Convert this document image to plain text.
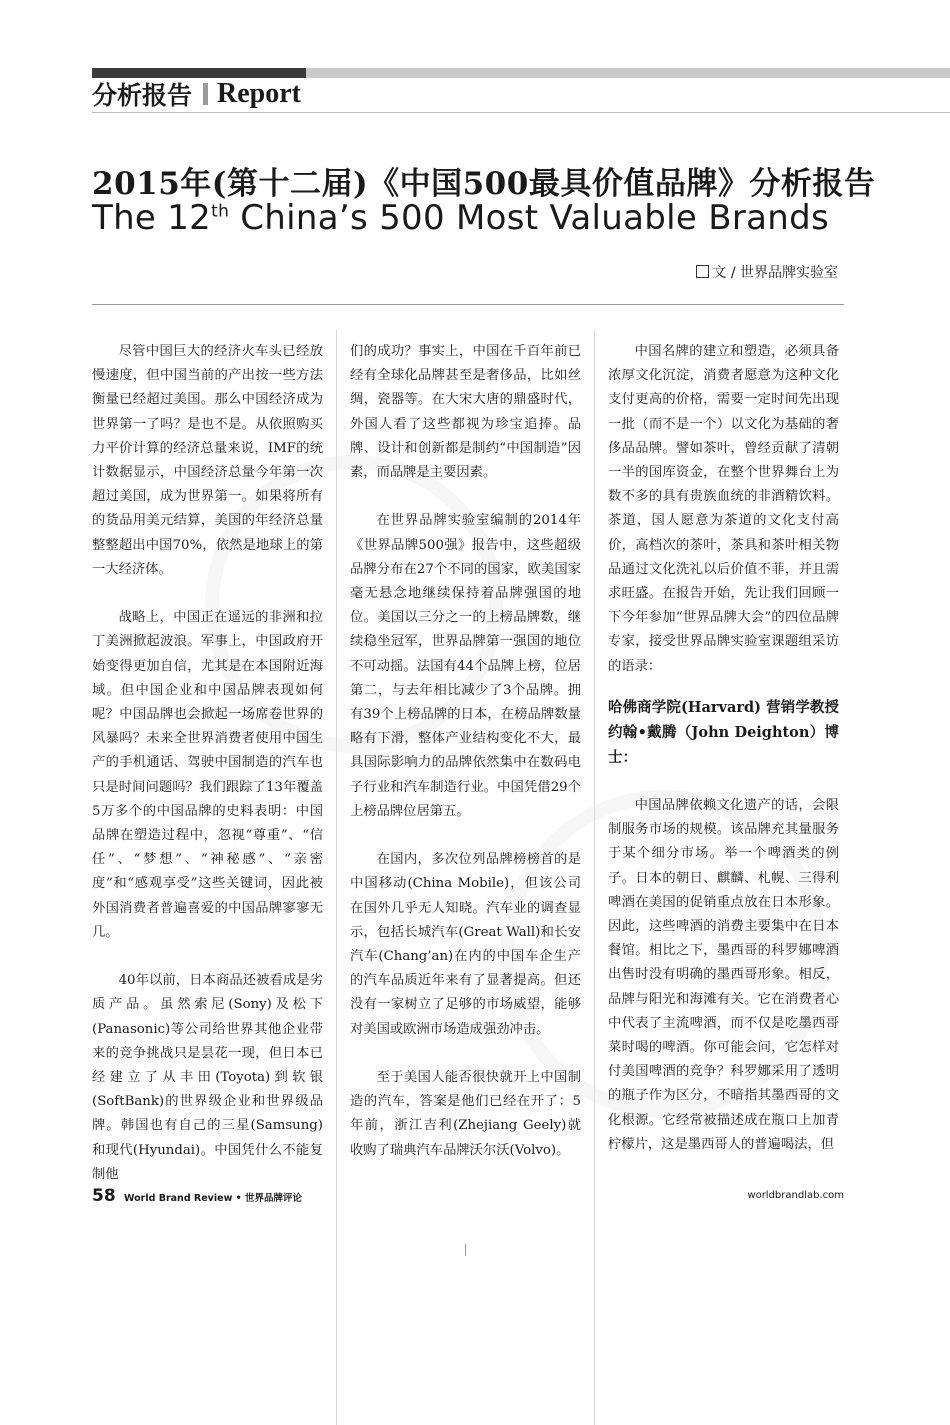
分析报告 Report
2015年(第十二届)《中国500最具价值品牌》分析报告
The 12th China’s 500 Most Valuable Brands
文 / 世界品牌实验室

尽管中国巨大的经济火车头已经放慢速度，但中国当前的产出按一些方法衡量已经超过美国。那么中国经济成为世界第一了吗？是也不是。从依照购买力平价计算的经济总量来说，IMF的统计数据显示，中国经济总量今年第一次超过美国，成为世界第一。如果将所有的货品用美元结算，美国的年经济总量整整超出中国70%，依然是地球上的第一大经济体。

战略上，中国正在遥远的非洲和拉丁美洲掀起波浪。军事上，中国政府开始变得更加自信，尤其是在本国附近海域。但中国企业和中国品牌表现如何呢？中国品牌也会掀起一场席卷世界的风暴吗？未来全世界消费者使用中国生产的手机通话、驾驶中国制造的汽车也只是时间问题吗？我们跟踪了13年覆盖5万多个的中国品牌的史料表明：中国品牌在塑造过程中，忽视“尊重”、“信任”、“梦想”、“神秘感”、“亲密度”和“感观享受”这些关键词，因此被外国消费者普遍喜爱的中国品牌寥寥无几。

40年以前，日本商品还被看成是劣质产品。虽然索尼(Sony)及松下(Panasonic)等公司给世界其他企业带来的竞争挑战只是昙花一现，但日本已经建立了从丰田(Toyota)到软银(SoftBank)的世界级企业和世界级品牌。韩国也有自己的三星(Samsung)和现代(Hyundai)。中国凭什么不能复制他

们的成功？事实上，中国在千百年前已经有全球化品牌甚至是奢侈品，比如丝绸，瓷器等。在大宋大唐的鼎盛时代，外国人看了这些都视为珍宝追捧。品牌、设计和创新都是制约“中国制造”因素，而品牌是主要因素。

在世界品牌实验室编制的2014年《世界品牌500强》报告中，这些超级品牌分布在27个不同的国家，欧美国家毫无悬念地继续保持着品牌强国的地位。美国以三分之一的上榜品牌数，继续稳坐冠军，世界品牌第一强国的地位不可动摇。法国有44个品牌上榜，位居第二，与去年相比减少了3个品牌。拥有39个上榜品牌的日本，在榜品牌数量略有下滑，整体产业结构变化不大，最具国际影响力的品牌依然集中在数码电子行业和汽车制造行业。中国凭借29个上榜品牌位居第五。

在国内，多次位列品牌榜榜首的是中国移动(China Mobile)，但该公司在国外几乎无人知晓。汽车业的调查显示，包括长城汽车(Great Wall)和长安汽车(Chang’an)在内的中国车企生产的汽车品质近年来有了显著提高。但还没有一家树立了足够的市场威望，能够对美国或欧洲市场造成强劲冲击。

至于美国人能否很快就开上中国制造的汽车，答案是他们已经在开了：5年前，浙江吉利(Zhejiang Geely)就收购了瑞典汽车品牌沃尔沃(Volvo)。

中国名牌的建立和塑造，必须具备浓厚文化沉淀，消费者愿意为这种文化支付更高的价格，需要一定时间先出现一批（而不是一个）以文化为基础的奢侈品品牌。譬如茶叶，曾经贡献了清朝一半的国库资金，在整个世界舞台上为数不多的具有贵族血统的非酒精饮料。茶道，国人愿意为茶道的文化支付高价，高档次的茶叶，茶具和茶叶相关物品通过文化洗礼以后价值不菲，并且需求旺盛。在报告开始，先让我们回顾一下今年参加“世界品牌大会”的四位品牌专家，接受世界品牌实验室课题组采访的语录：

哈佛商学院(Harvard) 营销学教授约翰•戴腾（John Deighton）博士：

中国品牌依赖文化遗产的话，会限制服务市场的规模。该品牌充其量服务于某个细分市场。举一个啤酒类的例子。日本的朝日、麒麟、札幌、三得利啤酒在美国的促销重点放在日本形象。因此，这些啤酒的消费主要集中在日本餐馆。相比之下，墨西哥的科罗娜啤酒出售时没有明确的墨西哥形象。相反，品牌与阳光和海滩有关。它在消费者心中代表了主流啤酒，而不仅是吃墨西哥菜时喝的啤酒。你可能会问，它怎样对付美国啤酒的竞争？科罗娜采用了透明的瓶子作为区分，不暗指其墨西哥的文化根源。它经常被描述成在瓶口上加青柠檬片，这是墨西哥人的普遍喝法，但

58 World Brand Review • 世界品牌评论	worldbrandlab.com
